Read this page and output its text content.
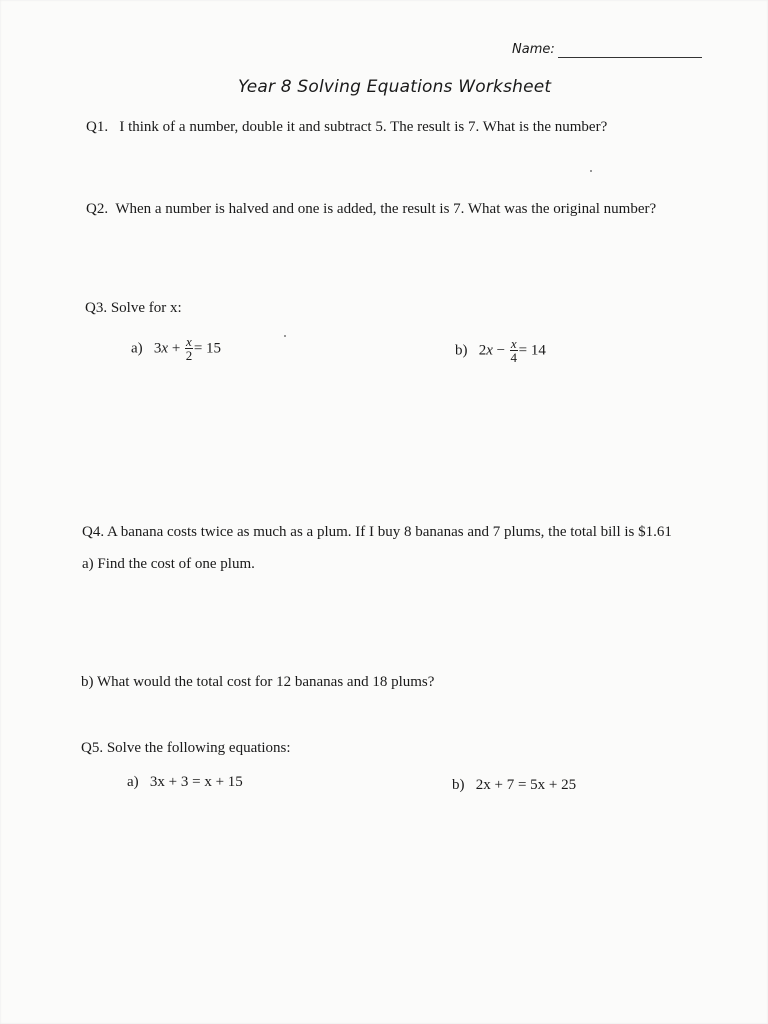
Name:
Year 8 Solving Equations Worksheet
Q1. I think of a number, double it and subtract 5. The result is 7. What is the number?
Q2. When a number is halved and one is added, the result is 7. What was the original number?
Q3. Solve for x:
a) $3x + \frac{x}{2} = 15$	b) $2x - \frac{x}{4} = 14$
Q4. A banana costs twice as much as a plum. If I buy 8 bananas and 7 plums, the total bill is $1.61
a) Find the cost of one plum.
b) What would the total cost for 12 bananas and 18 plums?
Q5. Solve the following equations:
a) 3x + 3 = x + 15	b) 2x + 7 = 5x + 25
